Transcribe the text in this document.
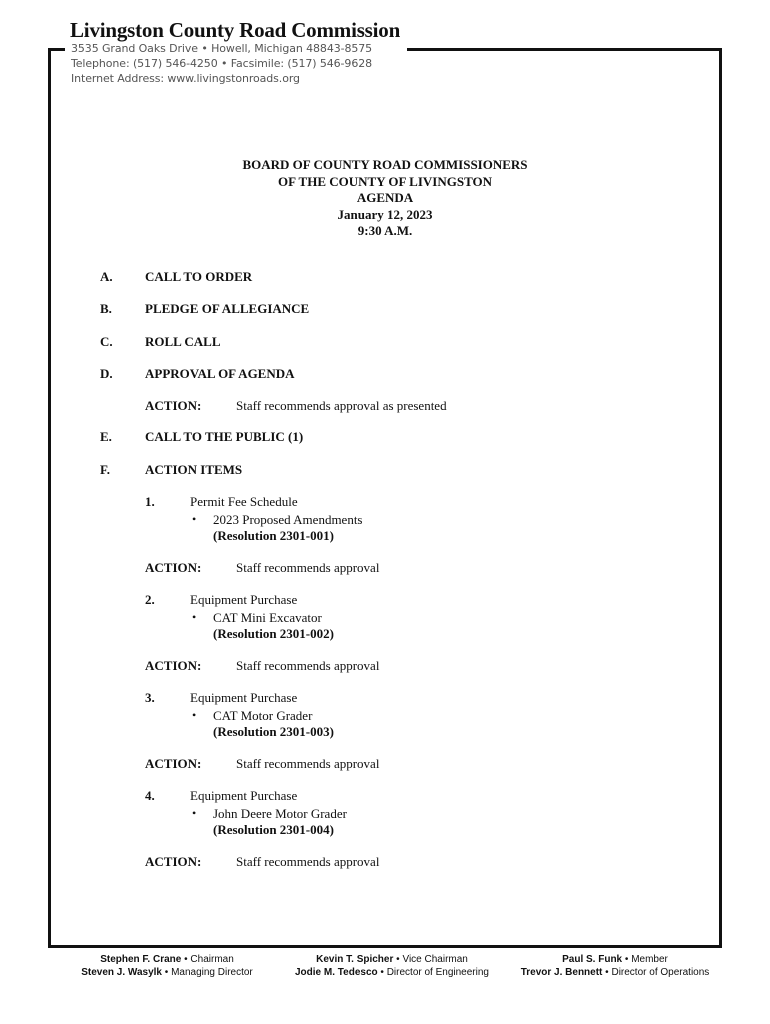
Livingston County Road Commission
3535 Grand Oaks Drive • Howell, Michigan 48843-8575
Telephone: (517) 546-4250 • Facsimile: (517) 546-9628
Internet Address: www.livingstonroads.org
BOARD OF COUNTY ROAD COMMISSIONERS
OF THE COUNTY OF LIVINGSTON
AGENDA
January 12, 2023
9:30 A.M.
A. CALL TO ORDER
B.	PLEDGE OF ALLEGIANCE
C. ROLL CALL
D. APPROVAL OF AGENDA
ACTION:	Staff recommends approval as presented
E.	CALL TO THE PUBLIC (1)
F.	ACTION ITEMS
1.	Permit Fee Schedule
• 2023 Proposed Amendments
(Resolution 2301-001)
ACTION:	Staff recommends approval
2.	Equipment Purchase
• CAT Mini Excavator
(Resolution 2301-002)
ACTION:	Staff recommends approval
3.	Equipment Purchase
• CAT Motor Grader
(Resolution 2301-003)
ACTION:	Staff recommends approval
4.	Equipment Purchase
• John Deere Motor Grader
(Resolution 2301-004)
ACTION:	Staff recommends approval
Stephen F. Crane • Chairman
Steven J. Wasylk • Managing Director
Kevin T. Spicher • Vice Chairman
Jodie M. Tedesco • Director of Engineering
Paul S. Funk • Member
Trevor J. Bennett • Director of Operations
